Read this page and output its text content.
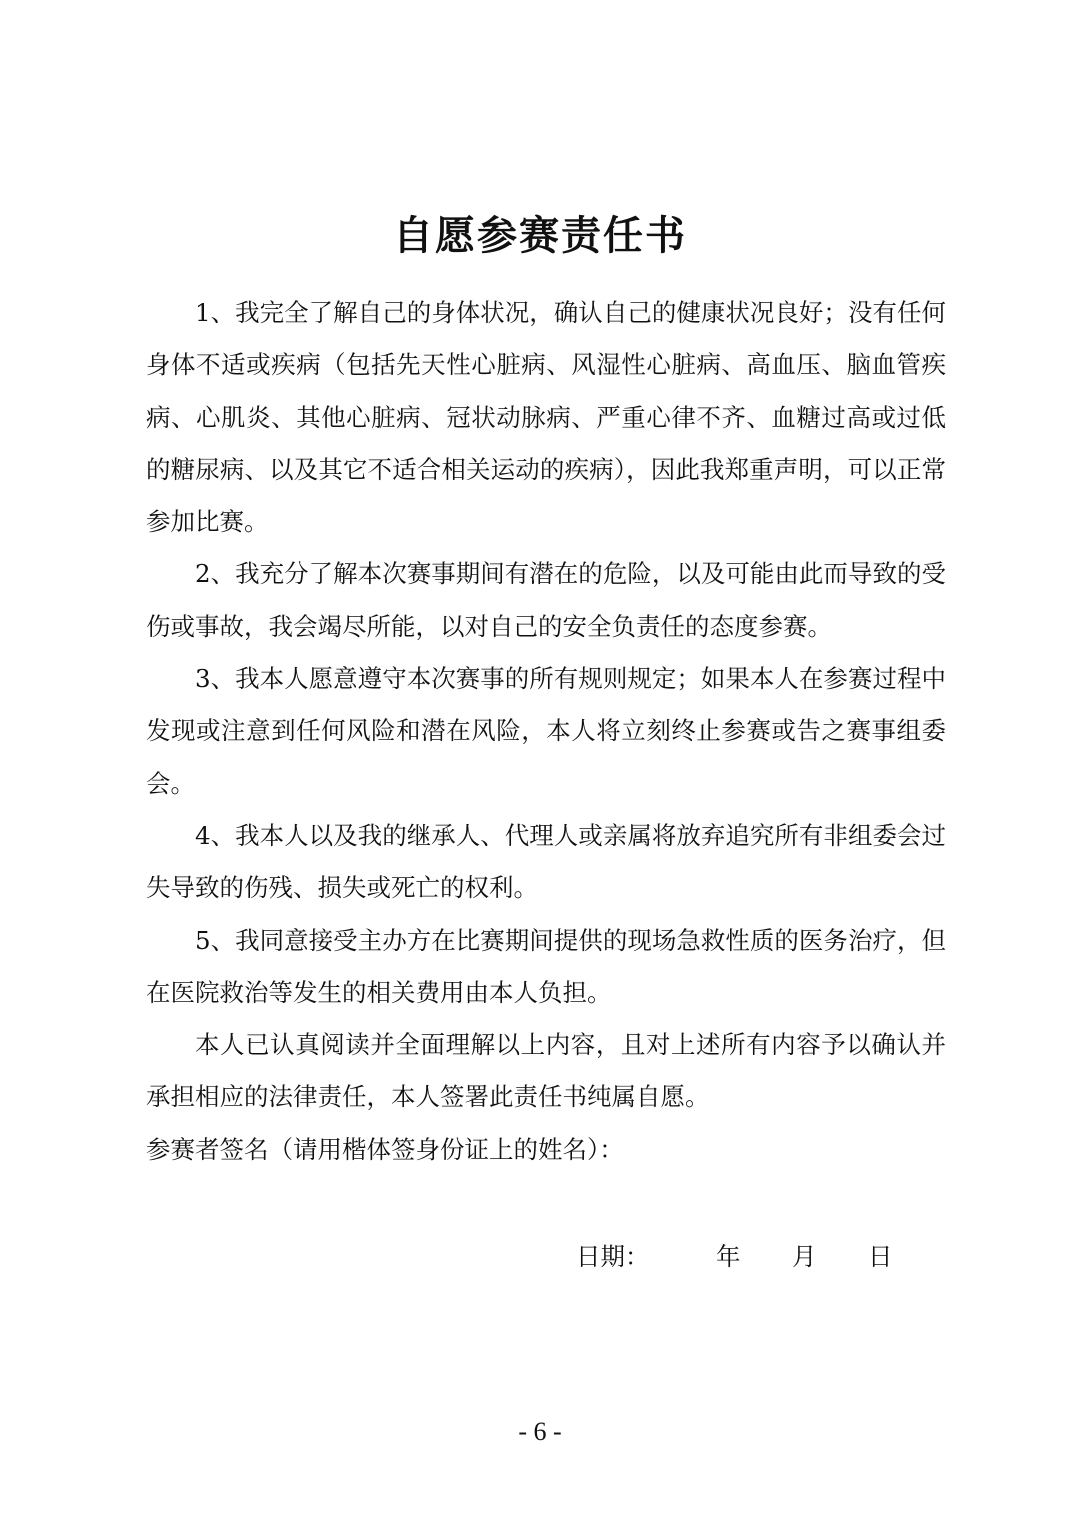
自愿参赛责任书

1、我完全了解自己的身体状况，确认自己的健康状况良好；没有任何身体不适或疾病（包括先天性心脏病、风湿性心脏病、高血压、脑血管疾病、心肌炎、其他心脏病、冠状动脉病、严重心律不齐、血糖过高或过低的糖尿病、以及其它不适合相关运动的疾病），因此我郑重声明，可以正常参加比赛。

2、我充分了解本次赛事期间有潜在的危险，以及可能由此而导致的受伤或事故，我会竭尽所能，以对自己的安全负责任的态度参赛。

3、我本人愿意遵守本次赛事的所有规则规定；如果本人在参赛过程中发现或注意到任何风险和潜在风险，本人将立刻终止参赛或告之赛事组委会。

4、我本人以及我的继承人、代理人或亲属将放弃追究所有非组委会过失导致的伤残、损失或死亡的权利。

5、我同意接受主办方在比赛期间提供的现场急救性质的医务治疗，但在医院救治等发生的相关费用由本人负担。

本人已认真阅读并全面理解以上内容，且对上述所有内容予以确认并承担相应的法律责任，本人签署此责任书纯属自愿。

参赛者签名（请用楷体签身份证上的姓名）：

日期：	年 月 日
- 6 -
